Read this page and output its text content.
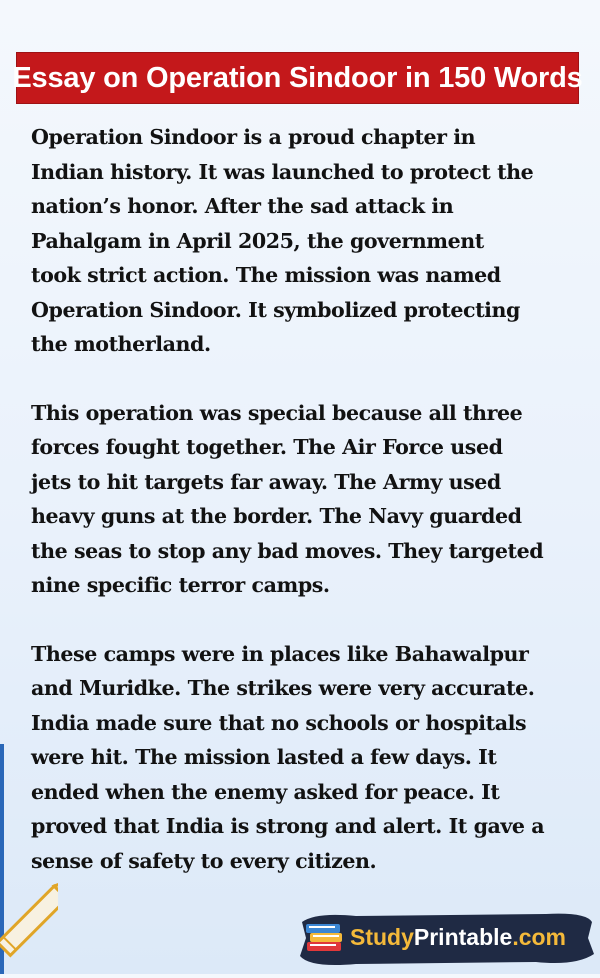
Essay on Operation Sindoor in 150 Words

Operation Sindoor is a proud chapter in
Indian history. It was launched to protect the
nation’s honor. After the sad attack in
Pahalgam in April 2025, the government
took strict action. The mission was named
Operation Sindoor. It symbolized protecting
the motherland.

This operation was special because all three
forces fought together. The Air Force used
jets to hit targets far away. The Army used
heavy guns at the border. The Navy guarded
the seas to stop any bad moves. They targeted
nine specific terror camps.

These camps were in places like Bahawalpur
and Muridke. The strikes were very accurate.
India made sure that no schools or hospitals
were hit. The mission lasted a few days. It
ended when the enemy asked for peace. It
proved that India is strong and alert. It gave a
sense of safety to every citizen.

StudyPrintable.com
